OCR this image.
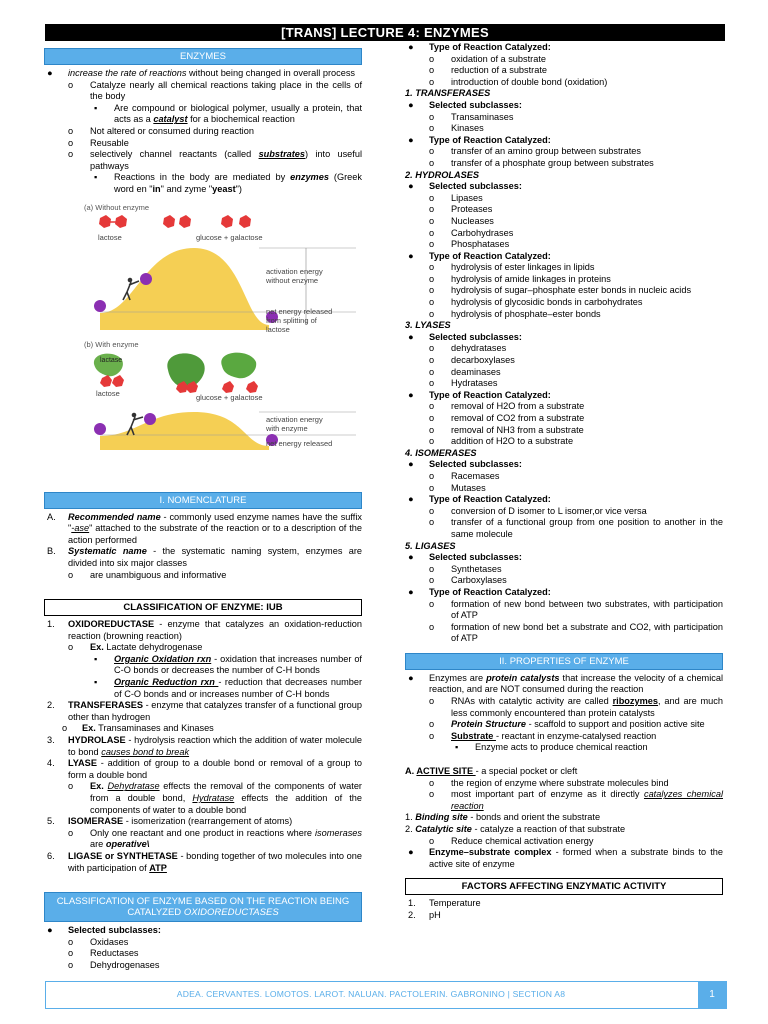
[TRANS] LECTURE 4: ENZYMES
ENZYMES
● increase the rate of reactions without being changed in overall process
o Catalyze nearly all chemical reactions taking place in the cells of the body
▪ Are compound or biological polymer, usually a protein, that acts as a catalyst for a biochemical reaction
o Not altered or consumed during reaction
o Reusable
o selectively channel reactants (called substrates) into useful pathways
▪ Reactions in the body are mediated by enzymes (Greek word en "in" and zyme "yeast")
(a) Without enzyme
lactose	glucose + galactose
activation energy without enzyme
net energy released from splitting of lactose
(b) With enzyme
lactase
lactose	glucose + galactose
activation energy with enzyme
net energy released
I. NOMENCLATURE
A. Recommended name - commonly used enzyme names have the suffix "-ase" attached to the substrate of the reaction or to a description of the action performed
B. Systematic name - the systematic naming system, enzymes are divided into six major classes
o are unambiguous and informative
CLASSIFICATION OF ENZYME: IUB
1. OXIDOREDUCTASE - enzyme that catalyzes an oxidation-reduction reaction (browning reaction)
o Ex. Lactate dehydrogenase
▪ Organic Oxidation rxn - oxidation that increases number of C-O bonds or decreases the number of C-H bonds
▪ Organic Reduction rxn - reduction that decreases number of C-O bonds and or increases number of C-H bonds
2. TRANSFERASES - enzyme that catalyzes transfer of a functional group other than hydrogen
o Ex. Transaminases and Kinases
3. HYDROLASE - hydrolysis reaction which the addition of water molecule to bond causes bond to break
4. LYASE - addition of group to a double bond or removal of a group to form a double bond
o Ex. Dehydratase effects the removal of the components of water from a double bond, Hydratase effects the addition of the components of water to a double bond
5. ISOMERASE - isomerization (rearrangement of atoms)
o Only one reactant and one product in reactions where isomerases are operative\
6. LIGASE or SYNTHETASE - bonding together of two molecules into one with participation of ATP
CLASSIFICATION OF ENZYME BASED ON THE REACTION BEING CATALYZED OXIDOREDUCTASES
● Selected subclasses:
o Oxidases
o Reductases
o Dehydrogenases
● Type of Reaction Catalyzed:
o oxidation of a substrate
o reduction of a substrate
o introduction of double bond (oxidation)
1. TRANSFERASES
● Selected subclasses:
o Transaminases
o Kinases
● Type of Reaction Catalyzed:
o transfer of an amino group between substrates
o transfer of a phosphate group between substrates
2. HYDROLASES
● Selected subclasses:
o Lipases
o Proteases
o Nucleases
o Carbohydrases
o Phosphatases
● Type of Reaction Catalyzed:
o hydrolysis of ester linkages in lipids
o hydrolysis of amide linkages in proteins
o hydrolysis of sugar–phosphate ester bonds in nucleic acids
o hydrolysis of glycosidic bonds in carbohydrates
o hydrolysis of phosphate–ester bonds
3. LYASES
● Selected subclasses:
o dehydratases
o decarboxylases
o deaminases
o Hydratases
● Type of Reaction Catalyzed:
o removal of H2O from a substrate
o removal of CO2 from a substrate
o removal of NH3 from a substrate
o addition of H2O to a substrate
4. ISOMERASES
● Selected subclasses:
o Racemases
o Mutases
● Type of Reaction Catalyzed:
o conversion of D isomer to L isomer,or vice versa
o transfer of a functional group from one position to another in the same molecule
5. LIGASES
● Selected subclasses:
o Synthetases
o Carboxylases
● Type of Reaction Catalyzed:
o formation of new bond between two substrates, with participation of ATP
o formation of new bond bet a substrate and CO2, with participation of ATP
II. PROPERTIES OF ENZYME
● Enzymes are protein catalysts that increase the velocity of a chemical reaction, and are NOT consumed during the reaction
o RNAs with catalytic activity are called ribozymes, and are much less commonly encountered than protein catalysts
o Protein Structure - scaffold to support and position active site
o Substrate - reactant in enzyme-catalysed reaction
▪ Enzyme acts to produce chemical reaction
A. ACTIVE SITE - a special pocket or cleft
o the region of enzyme where substrate molecules bind
o most important part of enzyme as it directly catalyzes chemical reaction
1. Binding site - bonds and orient the substrate
2. Catalytic site - catalyze a reaction of that substrate
o Reduce chemical activation energy
● Enzyme–substrate complex - formed when a substrate binds to the active site of enzyme
FACTORS AFFECTING ENZYMATIC ACTIVITY
1. Temperature
2. pH
ADEA. CERVANTES. LOMOTOS. LAROT. NALUAN. PACTOLERIN. GABRONINO | SECTION A8	1
